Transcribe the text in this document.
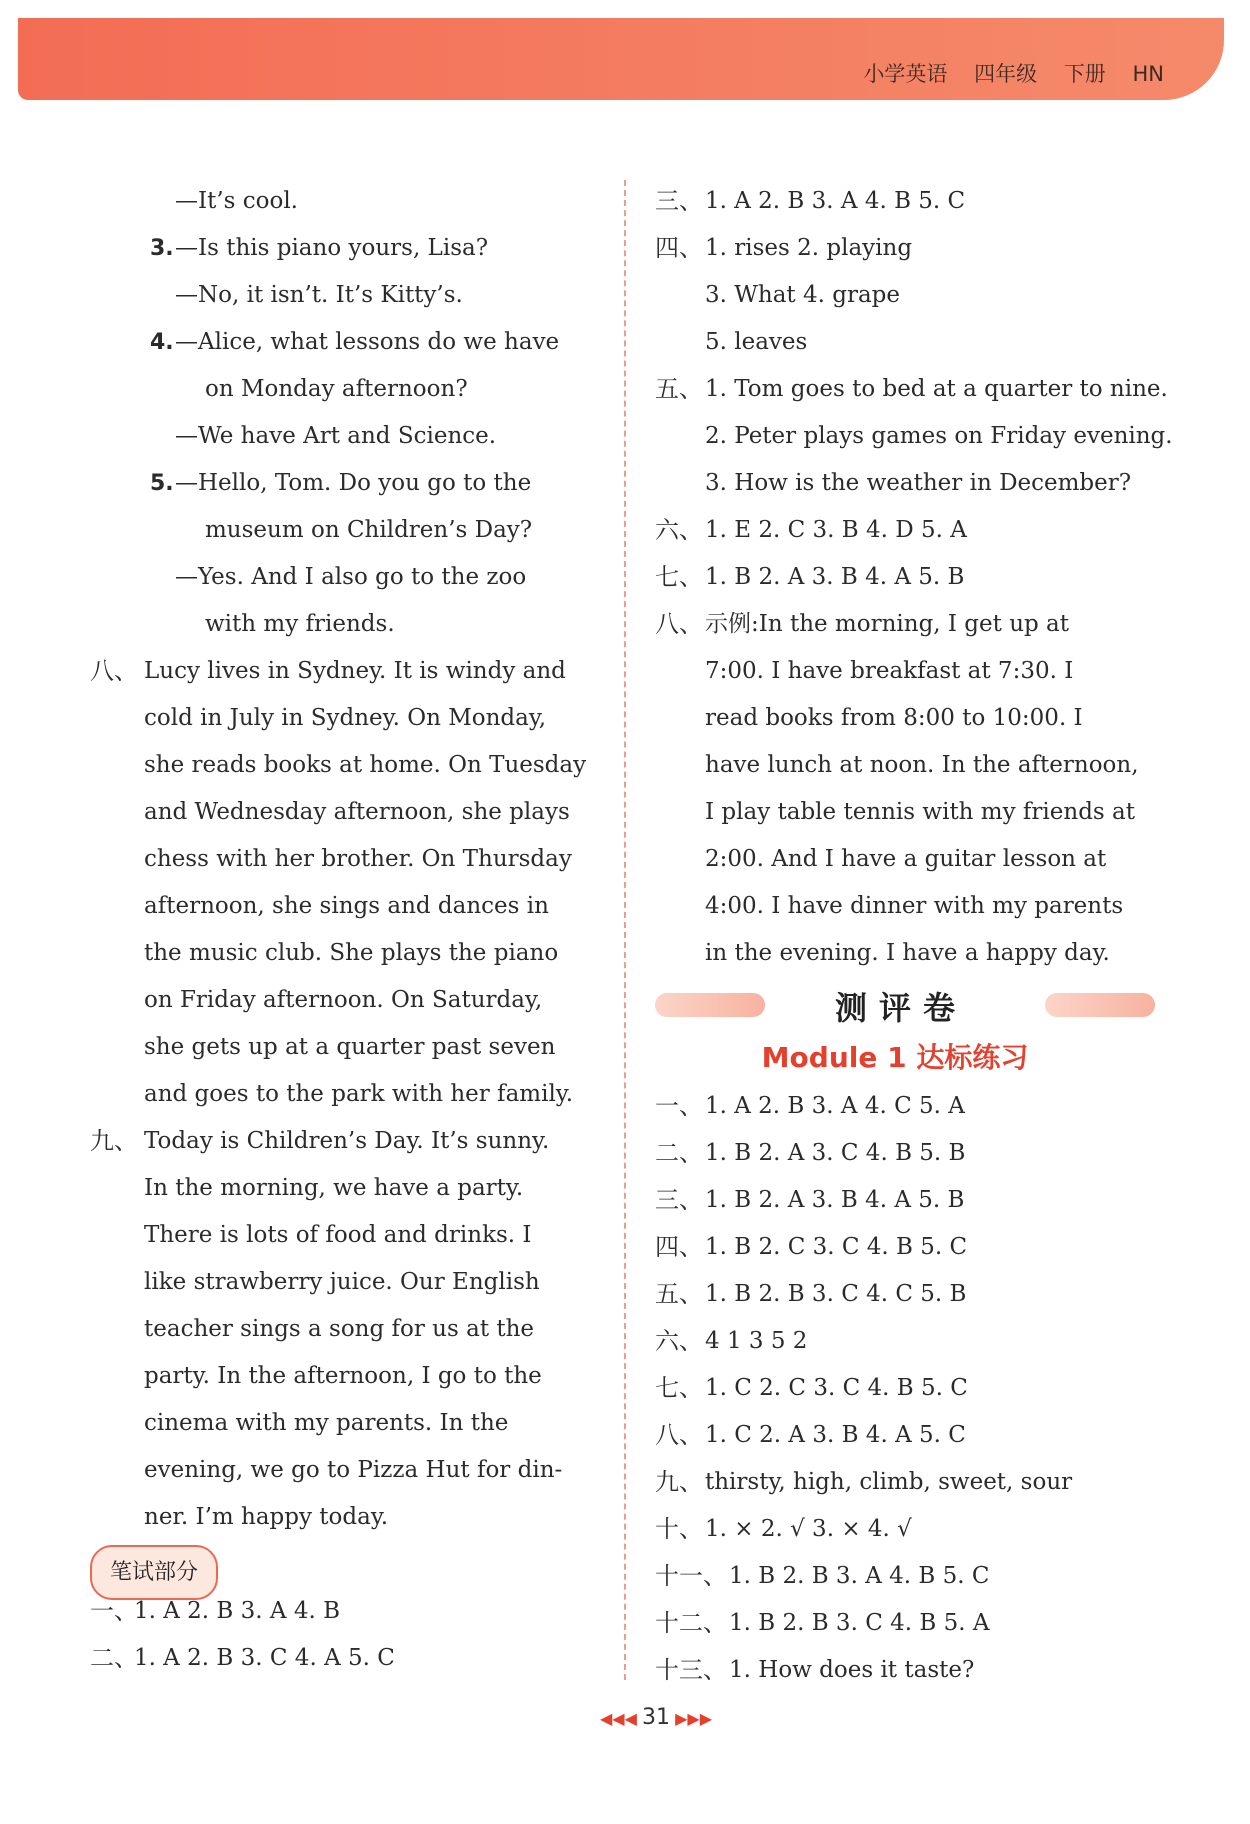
小学英语 四年级 下册 HN
—It’s cool.
3. —Is this piano yours, Lisa?
—No, it isn’t. It’s Kitty’s.
4. —Alice, what lessons do we have
on Monday afternoon?
—We have Art and Science.
5. —Hello, Tom. Do you go to the
museum on Children’s Day?
—Yes. And I also go to the zoo
with my friends.
八、 Lucy lives in Sydney. It is windy and
cold in July in Sydney. On Monday,
she reads books at home. On Tuesday
and Wednesday afternoon, she plays
chess with her brother. On Thursday
afternoon, she sings and dances in
the music club. She plays the piano
on Friday afternoon. On Saturday,
she gets up at a quarter past seven
and goes to the park with her family.
九、 Today is Children’s Day. It’s sunny.
In the morning, we have a party.
There is lots of food and drinks. I
like strawberry juice. Our English
teacher sings a song for us at the
party. In the afternoon, I go to the
cinema with my parents. In the
evening, we go to Pizza Hut for din-
ner. I’m happy today.
笔试部分
一、
1. A 2. B 3. A 4. B
二、
1. A 2. B 3. C 4. A 5. C
三、 1. A 2. B 3. A 4. B 5. C
四、 1. rises 2. playing
3. What 4. grape
5. leaves
五、 1. Tom goes to bed at a quarter to nine.
2. Peter plays games on Friday evening.
3. How is the weather in December?
六、 1. E 2. C 3. B 4. D 5. A
七、 1. B 2. A 3. B 4. A 5. B
八、 示例:In the morning, I get up at
7:00. I have breakfast at 7:30. I
read books from 8:00 to 10:00. I
have lunch at noon. In the afternoon,
I play table tennis with my friends at
2:00. And I have a guitar lesson at
4:00. I have dinner with my parents
in the evening. I have a happy day.
测评卷
Module 1 达标练习
一、 1. A 2. B 3. A 4. C 5. A
二、 1. B 2. A 3. C 4. B 5. B
三、 1. B 2. A 3. B 4. A 5. B
四、 1. B 2. C 3. C 4. B 5. C
五、 1. B 2. B 3. C 4. C 5. B
六、 4 1 3 5 2
七、 1. C 2. C 3. C 4. B 5. C
八、 1. C 2. A 3. B 4. A 5. C
九、 thirsty, high, climb, sweet, sour
十、 1. × 2. √ 3. × 4. √
十一、 1. B 2. B 3. A 4. B 5. C
十二、 1. B 2. B 3. C 4. B 5. A
十三、 1. How does it taste?
◀◀◀ 31 ▶▶▶
